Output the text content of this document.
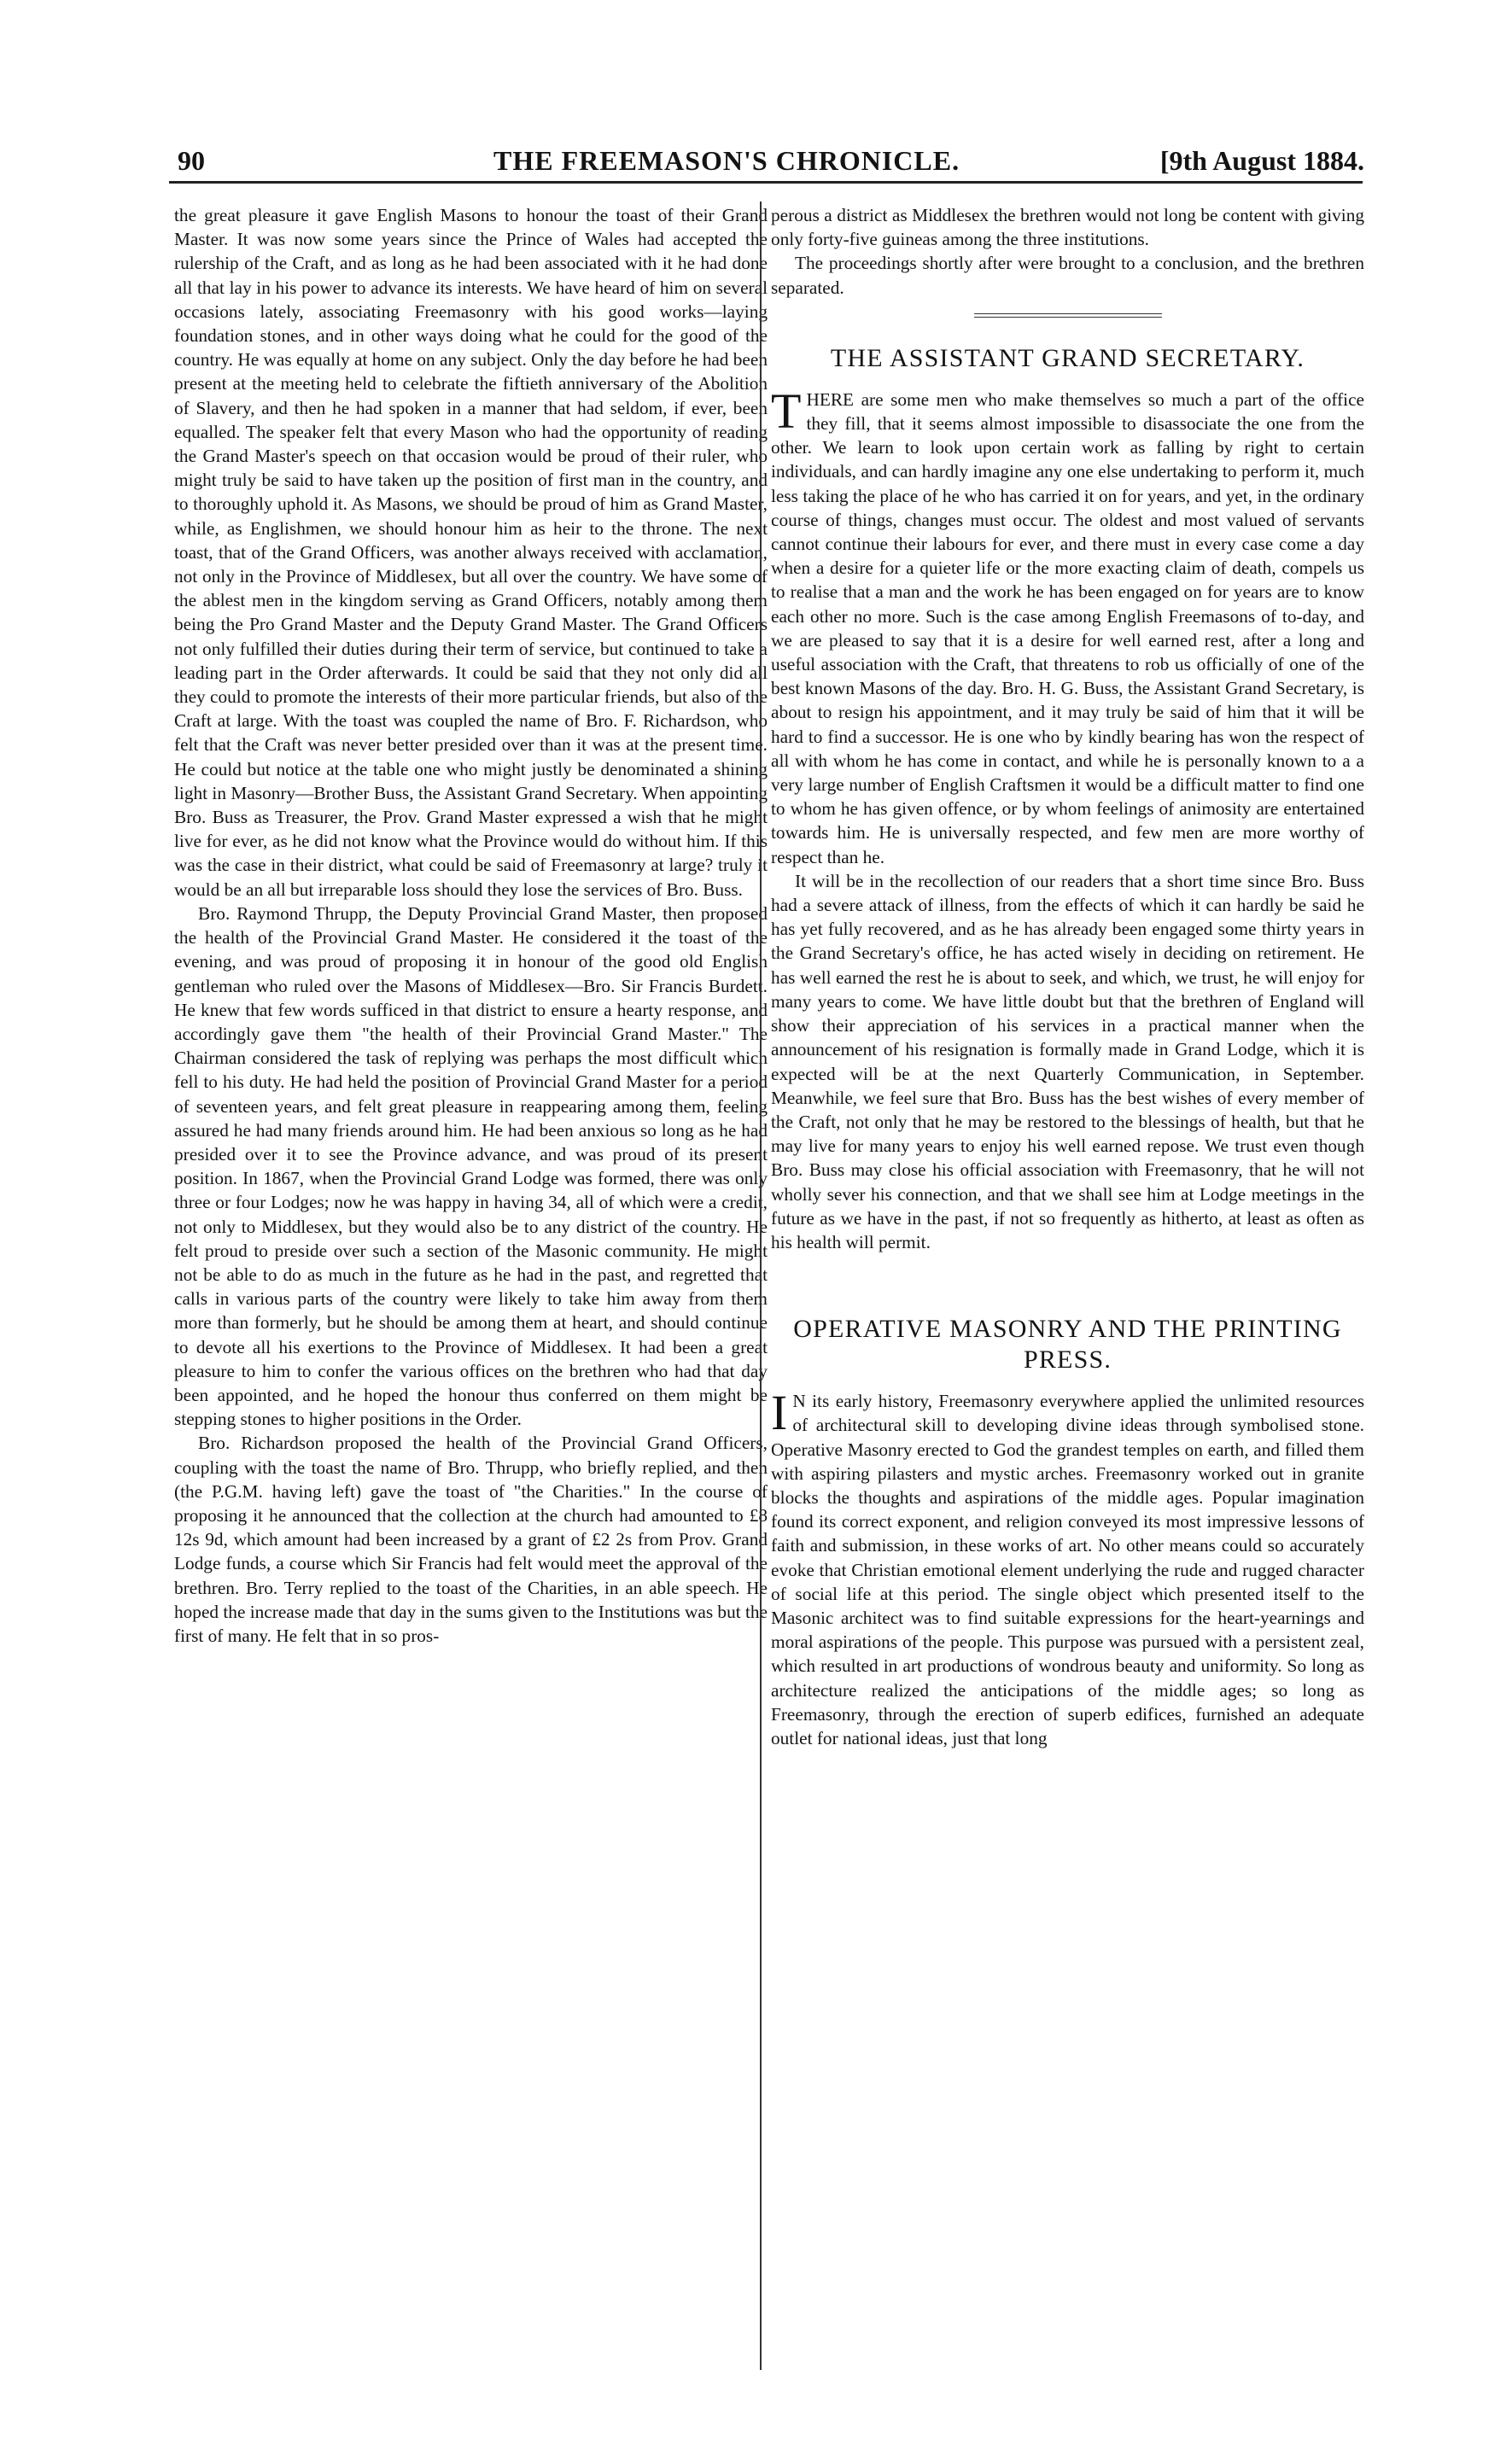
90	THE FREEMASON'S CHRONICLE.	[9th August 1884.

the great pleasure it gave English Masons to honour the toast of their Grand Master. It was now some years since the Prince of Wales had accepted the rulership of the Craft, and as long as he had been associated with it he had done all that lay in his power to advance its interests. We have heard of him on several occasions lately, associating Freemasonry with his good works—laying foundation stones, and in other ways doing what he could for the good of the country. He was equally at home on any subject. Only the day before he had been present at the meeting held to celebrate the fiftieth anniversary of the Abolition of Slavery, and then he had spoken in a manner that had seldom, if ever, been equalled. The speaker felt that every Mason who had the opportunity of reading the Grand Master's speech on that occasion would be proud of their ruler, who might truly be said to have taken up the position of first man in the country, and to thoroughly uphold it. As Masons, we should be proud of him as Grand Master, while, as Englishmen, we should honour him as heir to the throne. The next toast, that of the Grand Officers, was another always received with acclamation, not only in the Province of Middlesex, but all over the country. We have some of the ablest men in the kingdom serving as Grand Officers, notably among them being the Pro Grand Master and the Deputy Grand Master. The Grand Officers not only fulfilled their duties during their term of service, but continued to take a leading part in the Order afterwards. It could be said that they not only did all they could to promote the interests of their more particular friends, but also of the Craft at large. With the toast was coupled the name of Bro. F. Richardson, who felt that the Craft was never better presided over than it was at the present time. He could but notice at the table one who might justly be denominated a shining light in Masonry—Brother Buss, the Assistant Grand Secretary. When appointing Bro. Buss as Treasurer, the Prov. Grand Master expressed a wish that he might live for ever, as he did not know what the Province would do without him. If this was the case in their district, what could be said of Freemasonry at large? truly it would be an all but irreparable loss should they lose the services of Bro. Buss.

Bro. Raymond Thrupp, the Deputy Provincial Grand Master, then proposed the health of the Provincial Grand Master. He considered it the toast of the evening, and was proud of proposing it in honour of the good old English gentleman who ruled over the Masons of Middlesex—Bro. Sir Francis Burdett. He knew that few words sufficed in that district to ensure a hearty response, and accordingly gave them "the health of their Provincial Grand Master." The Chairman considered the task of replying was perhaps the most difficult which fell to his duty. He had held the position of Provincial Grand Master for a period of seventeen years, and felt great pleasure in reappearing among them, feeling assured he had many friends around him. He had been anxious so long as he had presided over it to see the Province advance, and was proud of its present position. In 1867, when the Provincial Grand Lodge was formed, there was only three or four Lodges; now he was happy in having 34, all of which were a credit, not only to Middlesex, but they would also be to any district of the country. He felt proud to preside over such a section of the Masonic community. He might not be able to do as much in the future as he had in the past, and regretted that calls in various parts of the country were likely to take him away from them more than formerly, but he should be among them at heart, and should continue to devote all his exertions to the Province of Middlesex. It had been a great pleasure to him to confer the various offices on the brethren who had that day been appointed, and he hoped the honour thus conferred on them might be stepping stones to higher positions in the Order.

Bro. Richardson proposed the health of the Provincial Grand Officers, coupling with the toast the name of Bro. Thrupp, who briefly replied, and then (the P.G.M. having left) gave the toast of "the Charities." In the course of proposing it he announced that the collection at the church had amounted to £8 12s 9d, which amount had been increased by a grant of £2 2s from Prov. Grand Lodge funds, a course which Sir Francis had felt would meet the approval of the brethren. Bro. Terry replied to the toast of the Charities, in an able speech. He hoped the increase made that day in the sums given to the Institutions was but the first of many. He felt that in so pros-

perous a district as Middlesex the brethren would not long be content with giving only forty-five guineas among the three institutions.

The proceedings shortly after were brought to a conclusion, and the brethren separated.

THE ASSISTANT GRAND SECRETARY.

THERE are some men who make themselves so much a part of the office they fill, that it seems almost impossible to disassociate the one from the other. We learn to look upon certain work as falling by right to certain individuals, and can hardly imagine any one else undertaking to perform it, much less taking the place of he who has carried it on for years, and yet, in the ordinary course of things, changes must occur. The oldest and most valued of servants cannot continue their labours for ever, and there must in every case come a day when a desire for a quieter life or the more exacting claim of death, compels us to realise that a man and the work he has been engaged on for years are to know each other no more. Such is the case among English Freemasons of to-day, and we are pleased to say that it is a desire for well earned rest, after a long and useful association with the Craft, that threatens to rob us officially of one of the best known Masons of the day. Bro. H. G. Buss, the Assistant Grand Secretary, is about to resign his appointment, and it may truly be said of him that it will be hard to find a successor. He is one who by kindly bearing has won the respect of all with whom he has come in contact, and while he is personally known to a a very large number of English Craftsmen it would be a difficult matter to find one to whom he has given offence, or by whom feelings of animosity are entertained towards him. He is universally respected, and few men are more worthy of respect than he.

It will be in the recollection of our readers that a short time since Bro. Buss had a severe attack of illness, from the effects of which it can hardly be said he has yet fully recovered, and as he has already been engaged some thirty years in the Grand Secretary's office, he has acted wisely in deciding on retirement. He has well earned the rest he is about to seek, and which, we trust, he will enjoy for many years to come. We have little doubt but that the brethren of England will show their appreciation of his services in a practical manner when the announcement of his resignation is formally made in Grand Lodge, which it is expected will be at the next Quarterly Communication, in September. Meanwhile, we feel sure that Bro. Buss has the best wishes of every member of the Craft, not only that he may be restored to the blessings of health, but that he may live for many years to enjoy his well earned repose. We trust even though Bro. Buss may close his official association with Freemasonry, that he will not wholly sever his connection, and that we shall see him at Lodge meetings in the future as we have in the past, if not so frequently as hitherto, at least as often as his health will permit.

OPERATIVE MASONRY AND THE PRINTING PRESS.

IN its early history, Freemasonry everywhere applied the unlimited resources of architectural skill to developing divine ideas through symbolised stone. Operative Masonry erected to God the grandest temples on earth, and filled them with aspiring pilasters and mystic arches. Freemasonry worked out in granite blocks the thoughts and aspirations of the middle ages. Popular imagination found its correct exponent, and religion conveyed its most impressive lessons of faith and submission, in these works of art. No other means could so accurately evoke that Christian emotional element underlying the rude and rugged character of social life at this period. The single object which presented itself to the Masonic architect was to find suitable expressions for the heart-yearnings and moral aspirations of the people. This purpose was pursued with a persistent zeal, which resulted in art productions of wondrous beauty and uniformity. So long as architecture realized the anticipations of the middle ages; so long as Freemasonry, through the erection of superb edifices, furnished an adequate outlet for national ideas, just that long
